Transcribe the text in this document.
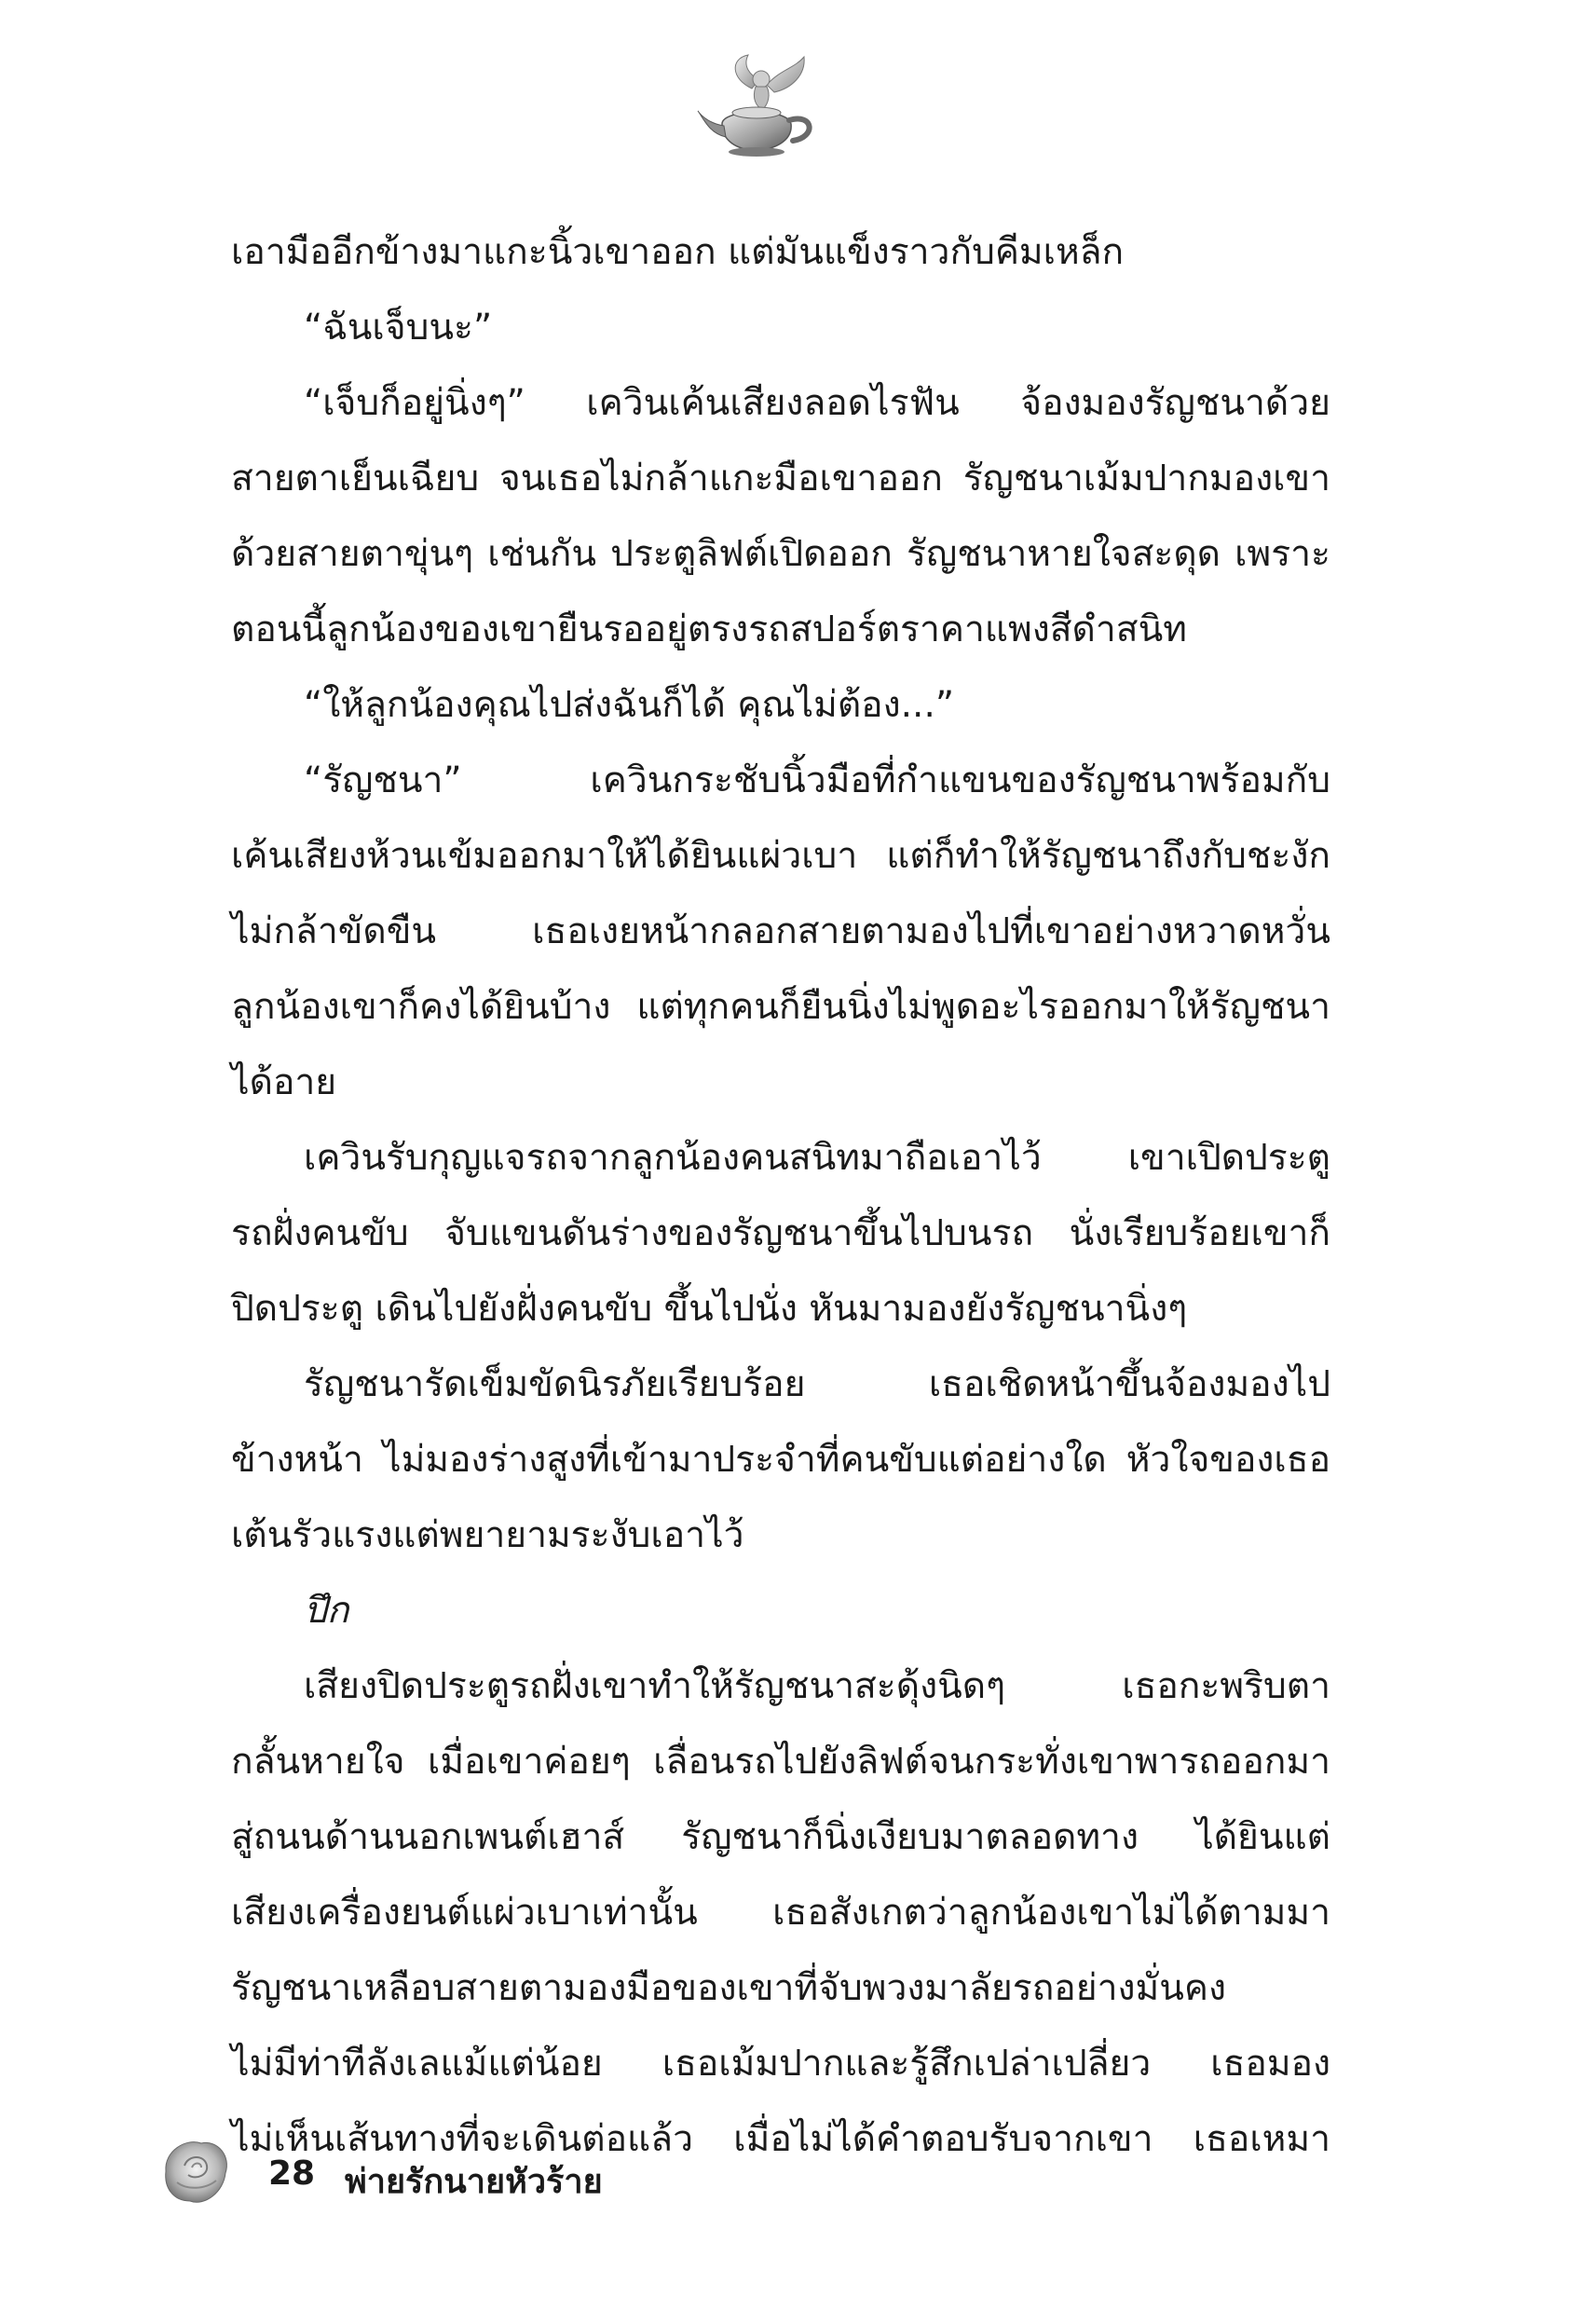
เอามืออีกข้างมาแกะนิ้วเขาออก แต่มันแข็งราวกับคีมเหล็ก
“ฉันเจ็บนะ”
“เจ็บก็อยู่นิ่งๆ” เควินเค้นเสียงลอดไรฟัน จ้องมองรัญชนาด้วย
สายตาเย็นเฉียบ จนเธอไม่กล้าแกะมือเขาออก รัญชนาเม้มปากมองเขา
ด้วยสายตาขุ่นๆ เช่นกัน ประตูลิฟต์เปิดออก รัญชนาหายใจสะดุด เพราะ
ตอนนี้ลูกน้องของเขายืนรออยู่ตรงรถสปอร์ตราคาแพงสีดำสนิท
“ให้ลูกน้องคุณไปส่งฉันก็ได้ คุณไม่ต้อง...”
“รัญชนา” เควินกระชับนิ้วมือที่กำแขนของรัญชนาพร้อมกับ
เค้นเสียงห้วนเข้มออกมาให้ได้ยินแผ่วเบา แต่ก็ทำให้รัญชนาถึงกับชะงัก
ไม่กล้าขัดขืน เธอเงยหน้ากลอกสายตามองไปที่เขาอย่างหวาดหวั่น
ลูกน้องเขาก็คงได้ยินบ้าง แต่ทุกคนก็ยืนนิ่งไม่พูดอะไรออกมาให้รัญชนา
ได้อาย
เควินรับกุญแจรถจากลูกน้องคนสนิทมาถือเอาไว้ เขาเปิดประตู
รถฝั่งคนขับ จับแขนดันร่างของรัญชนาขึ้นไปบนรถ นั่งเรียบร้อยเขาก็
ปิดประตู เดินไปยังฝั่งคนขับ ขึ้นไปนั่ง หันมามองยังรัญชนานิ่งๆ
รัญชนารัดเข็มขัดนิรภัยเรียบร้อย เธอเชิดหน้าขึ้นจ้องมองไป
ข้างหน้า ไม่มองร่างสูงที่เข้ามาประจำที่คนขับแต่อย่างใด หัวใจของเธอ
เต้นรัวแรงแต่พยายามระงับเอาไว้
ปึก
เสียงปิดประตูรถฝั่งเขาทำให้รัญชนาสะดุ้งนิดๆ เธอกะพริบตา
กลั้นหายใจ เมื่อเขาค่อยๆ เลื่อนรถไปยังลิฟต์จนกระทั่งเขาพารถออกมา
สู่ถนนด้านนอกเพนต์เฮาส์ รัญชนาก็นิ่งเงียบมาตลอดทาง ได้ยินแต่
เสียงเครื่องยนต์แผ่วเบาเท่านั้น เธอสังเกตว่าลูกน้องเขาไม่ได้ตามมา
รัญชนาเหลือบสายตามองมือของเขาที่จับพวงมาลัยรถอย่างมั่นคง
ไม่มีท่าทีลังเลแม้แต่น้อย เธอเม้มปากและรู้สึกเปล่าเปลี่ยว เธอมอง
ไม่เห็นเส้นทางที่จะเดินต่อแล้ว เมื่อไม่ได้คำตอบรับจากเขา เธอเหมา
28 พ่ายรักนายหัวร้าย
